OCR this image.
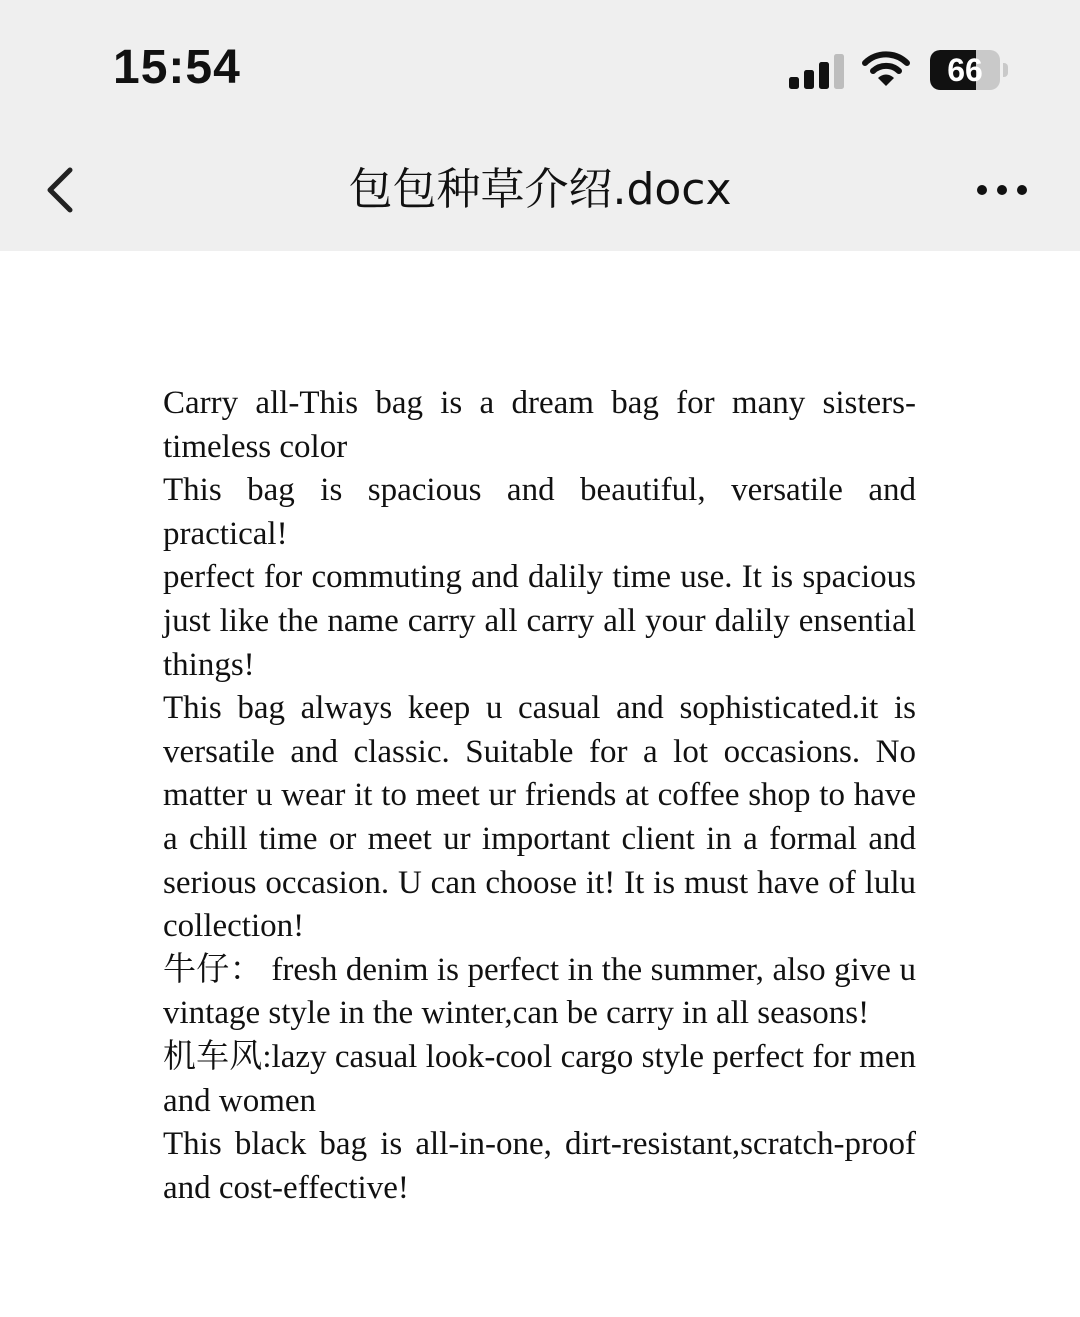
15:54	66
包包种草介绍.docx

Carry all-This bag is a dream bag for many sisters-timeless color

This bag is spacious and beautiful, versatile and practical!

perfect for commuting and dalily time use. It is spacious just like the name carry all carry all your dalily ensential things!

This bag always keep u casual and sophisticated.it is versatile and classic. Suitable for a lot occasions. No matter u wear it to meet ur friends at coffee shop to have a chill time or meet ur important client in a formal and serious occasion. U can choose it! It is must have of lulu collection!

牛仔： fresh denim is perfect in the summer, also give u vintage style in the winter,can be carry in all seasons!

机车风:lazy casual look-cool cargo style perfect for men and women

This black bag is all-in-one, dirt-resistant,scratch-proof and cost-effective!
